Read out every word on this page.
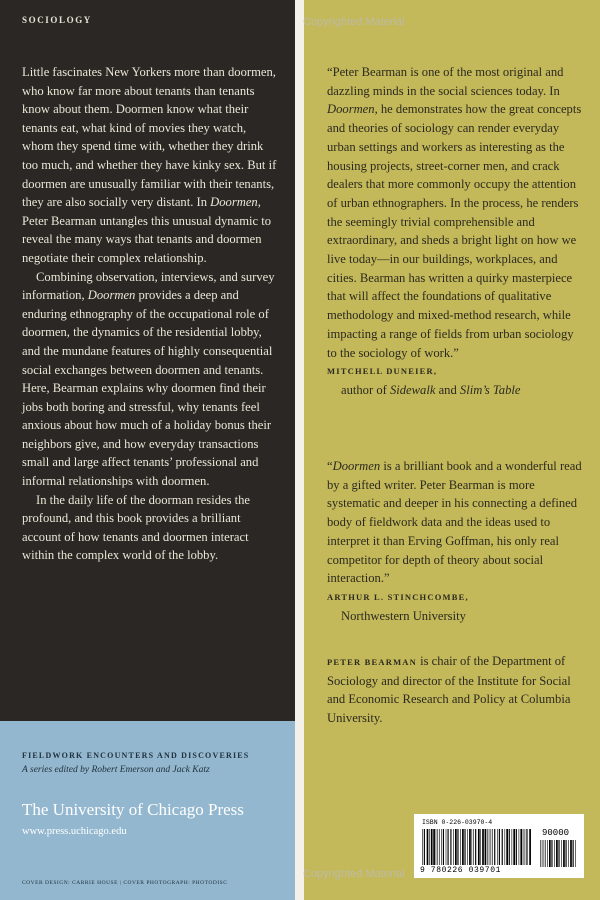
SOCIOLOGY	Copyrighted Material
Copyrighted Material

Little fascinates New Yorkers more than doormen, who know far more about tenants than tenants know about them. Doormen know what their tenants eat, what kind of movies they watch, whom they spend time with, whether they drink too much, and whether they have kinky sex. But if doormen are unusually familiar with their tenants, they are also socially very distant. In Doormen, Peter Bearman untangles this unusual dynamic to reveal the many ways that tenants and doormen negotiate their complex relationship.

Combining observation, interviews, and survey information, Doormen provides a deep and enduring ethnography of the occupational role of doormen, the dynamics of the residential lobby, and the mundane features of highly consequential social exchanges between doormen and tenants. Here, Bearman explains why doormen find their jobs both boring and stressful, why tenants feel anxious about how much of a holiday bonus their neighbors give, and how everyday transactions small and large affect tenants’ professional and informal relationships with doormen.

In the daily life of the doorman resides the profound, and this book provides a brilliant account of how tenants and doormen interact within the complex world of the lobby.

FIELDWORK ENCOUNTERS AND DISCOVERIES
A series edited by Robert Emerson and Jack Katz
The University of Chicago Press
www.press.uchicago.edu
COVER DESIGN: CARRIE HOUSE | COVER PHOTOGRAPH: PHOTODISC

“Peter Bearman is one of the most original and dazzling minds in the social sciences today. In Doormen, he demonstrates how the great concepts and theories of sociology can render everyday urban settings and workers as interesting as the housing projects, street-corner men, and crack dealers that more commonly occupy the attention of urban ethnographers. In the process, he renders the seemingly trivial comprehensible and extraordinary, and sheds a bright light on how we live today—in our buildings, workplaces, and cities. Bearman has written a quirky masterpiece that will affect the foundations of qualitative methodology and mixed-method research, while impacting a range of fields from urban sociology to the sociology of work.”

MITCHELL DUNEIER,

author of Sidewalk and Slim’s Table

“Doormen is a brilliant book and a wonderful read by a gifted writer. Peter Bearman is more systematic and deeper in his connecting a defined body of fieldwork data and the ideas used to interpret it than Erving Goffman, his only real competitor for depth of theory about social interaction.”

ARTHUR L. STINCHCOMBE,

Northwestern University

PETER BEARMAN is chair of the Department of Sociology and director of the Institute for Social and Economic Research and Policy at Columbia University.
ISBN 0-226-03970-4
90000
9 780226 039701
